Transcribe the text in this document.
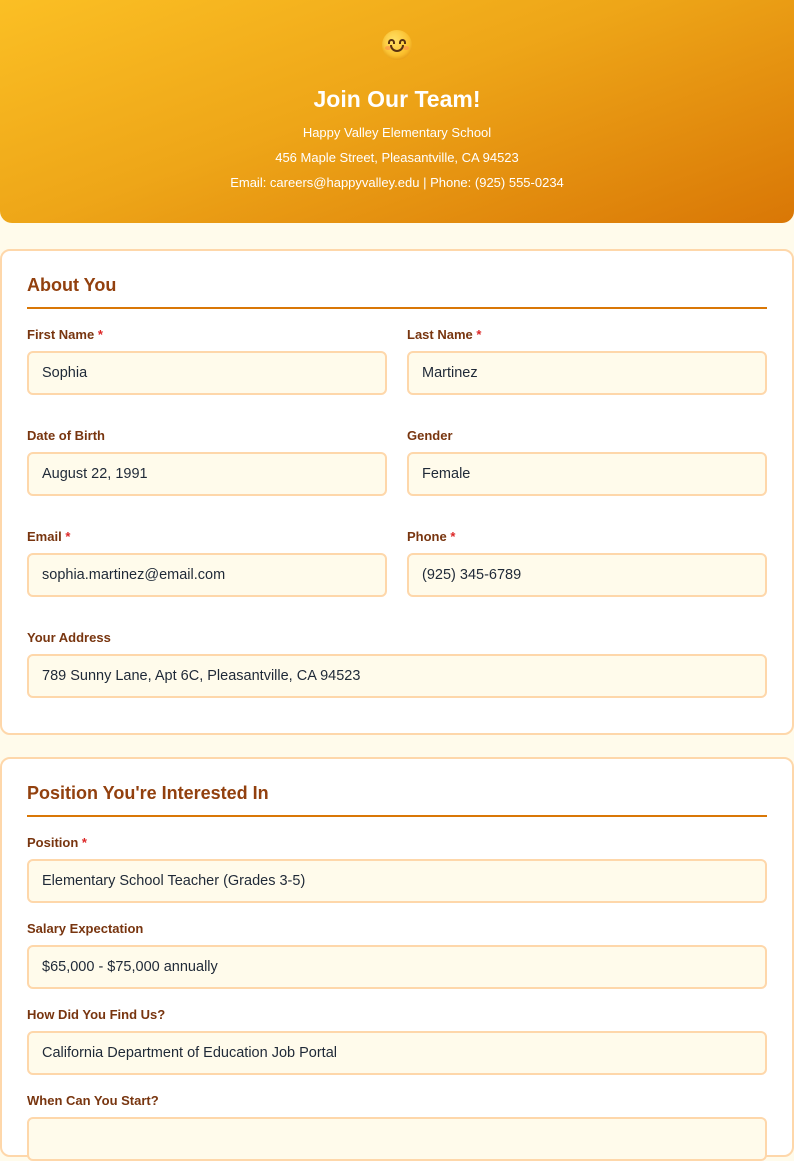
Join Our Team!
Happy Valley Elementary School
456 Maple Street, Pleasantville, CA 94523
Email: careers@happyvalley.edu | Phone: (925) 555-0234
About You
First Name *
Sophia
Last Name *
Martinez
Date of Birth
August 22, 1991
Gender
Female
Email *
sophia.martinez@email.com
Phone *
(925) 345-6789
Your Address
789 Sunny Lane, Apt 6C, Pleasantville, CA 94523
Position You're Interested In
Position *
Elementary School Teacher (Grades 3-5)
Salary Expectation
$65,000 - $75,000 annually
How Did You Find Us?
California Department of Education Job Portal
When Can You Start?
